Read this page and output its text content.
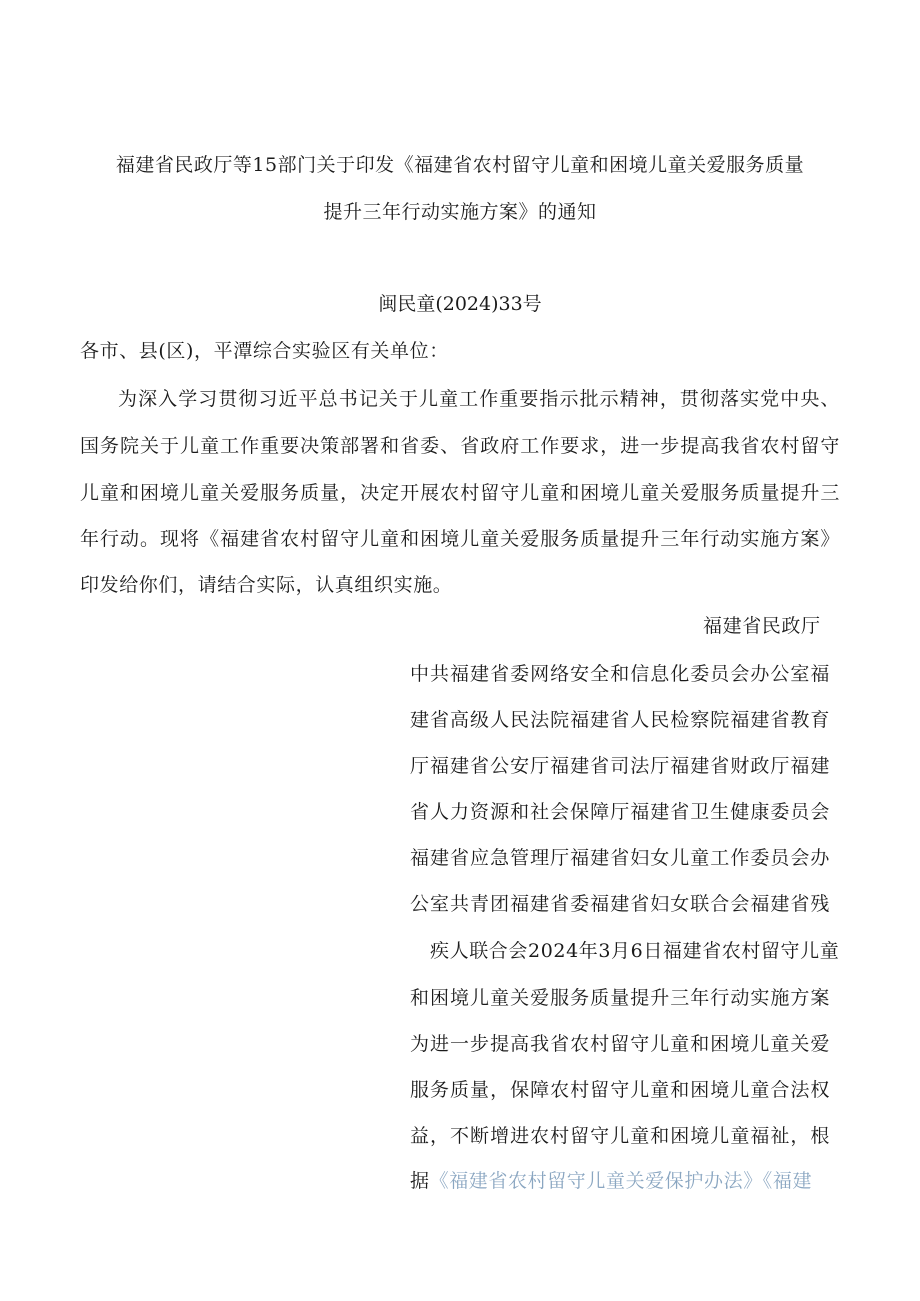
福建省民政厅等15部门关于印发《福建省农村留守儿童和困境儿童关爱服务质量
提升三年行动实施方案》的通知
闽民童(2024)33号
各市、县(区)，平潭综合实验区有关单位：
为深入学习贯彻习近平总书记关于儿童工作重要指示批示精神，贯彻落实党中央、
国务院关于儿童工作重要决策部署和省委、省政府工作要求，进一步提高我省农村留守
儿童和困境儿童关爱服务质量，决定开展农村留守儿童和困境儿童关爱服务质量提升三
年行动。现将《福建省农村留守儿童和困境儿童关爱服务质量提升三年行动实施方案》
印发给你们，请结合实际，认真组织实施。
福建省民政厅
中共福建省委网络安全和信息化委员会办公室福
建省高级人民法院福建省人民检察院福建省教育
厅福建省公安厅福建省司法厅福建省财政厅福建
省人力资源和社会保障厅福建省卫生健康委员会
福建省应急管理厅福建省妇女儿童工作委员会办
公室共青团福建省委福建省妇女联合会福建省残
疾人联合会2024年3月6日福建省农村留守儿童
和困境儿童关爱服务质量提升三年行动实施方案
为进一步提高我省农村留守儿童和困境儿童关爱
服务质量，保障农村留守儿童和困境儿童合法权
益，不断增进农村留守儿童和困境儿童福祉，根
据《福建省农村留守儿童关爱保护办法》《福建
